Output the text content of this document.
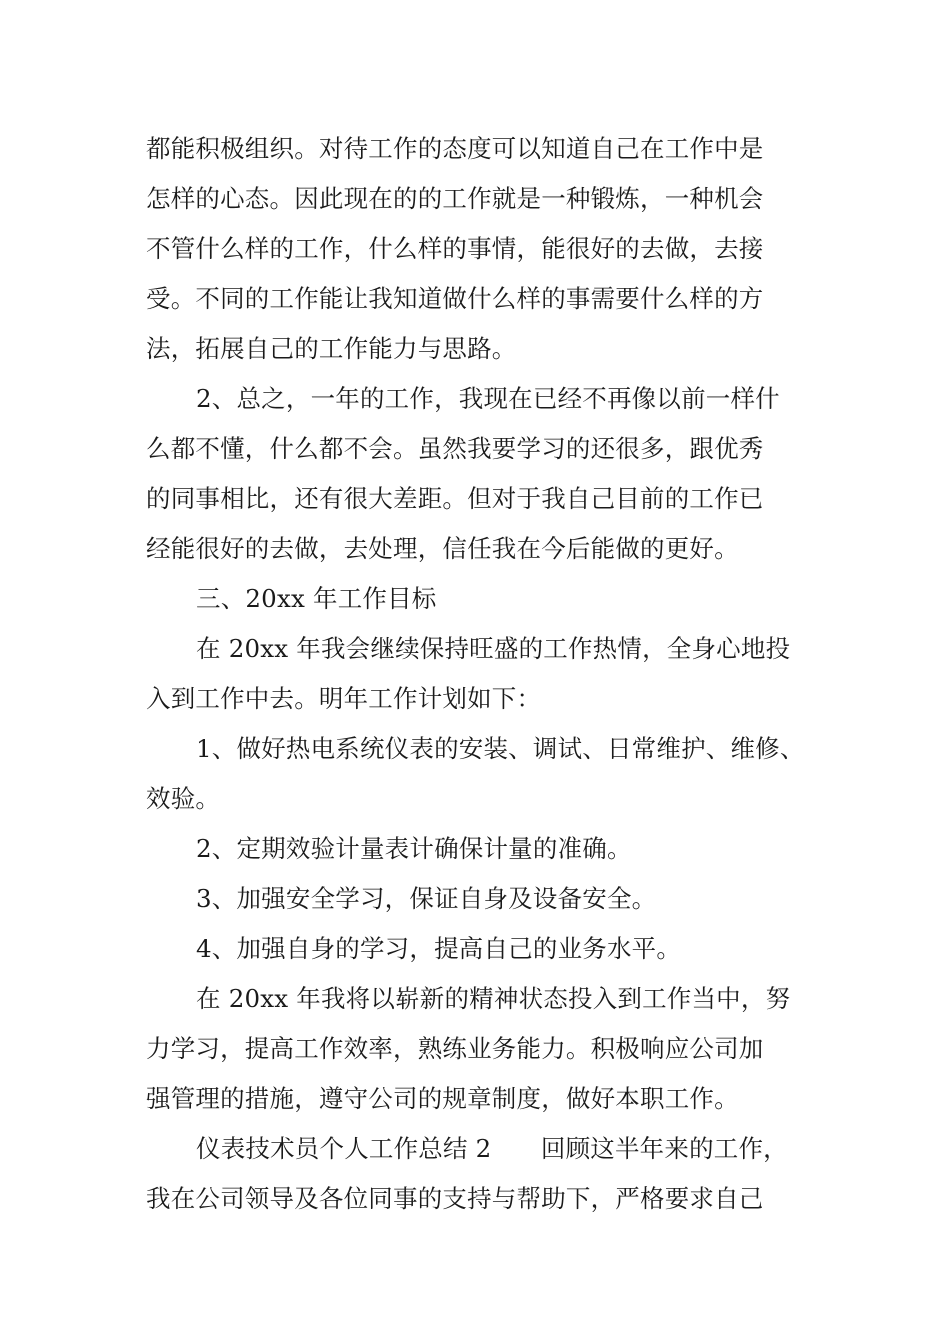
都能积极组织。对待工作的态度可以知道自己在工作中是
怎样的心态。因此现在的的工作就是一种锻炼，一种机会
不管什么样的工作，什么样的事情，能很好的去做，去接
受。不同的工作能让我知道做什么样的事需要什么样的方
法，拓展自己的工作能力与思路。
2、总之，一年的工作，我现在已经不再像以前一样什
么都不懂，什么都不会。虽然我要学习的还很多，跟优秀
的同事相比，还有很大差距。但对于我自己目前的工作已
经能很好的去做，去处理，信任我在今后能做的更好。
三、20xx 年工作目标
在 20xx 年我会继续保持旺盛的工作热情，全身心地投
入到工作中去。明年工作计划如下：
1、做好热电系统仪表的安装、调试、日常维护、维修、
效验。
2、定期效验计量表计确保计量的准确。
3、加强安全学习，保证自身及设备安全。
4、加强自身的学习，提高自己的业务水平。
在 20xx 年我将以崭新的精神状态投入到工作当中，努
力学习，提高工作效率，熟练业务能力。积极响应公司加
强管理的措施，遵守公司的规章制度，做好本职工作。
仪表技术员个人工作总结 2　　回顾这半年来的工作，
我在公司领导及各位同事的支持与帮助下，严格要求自己
